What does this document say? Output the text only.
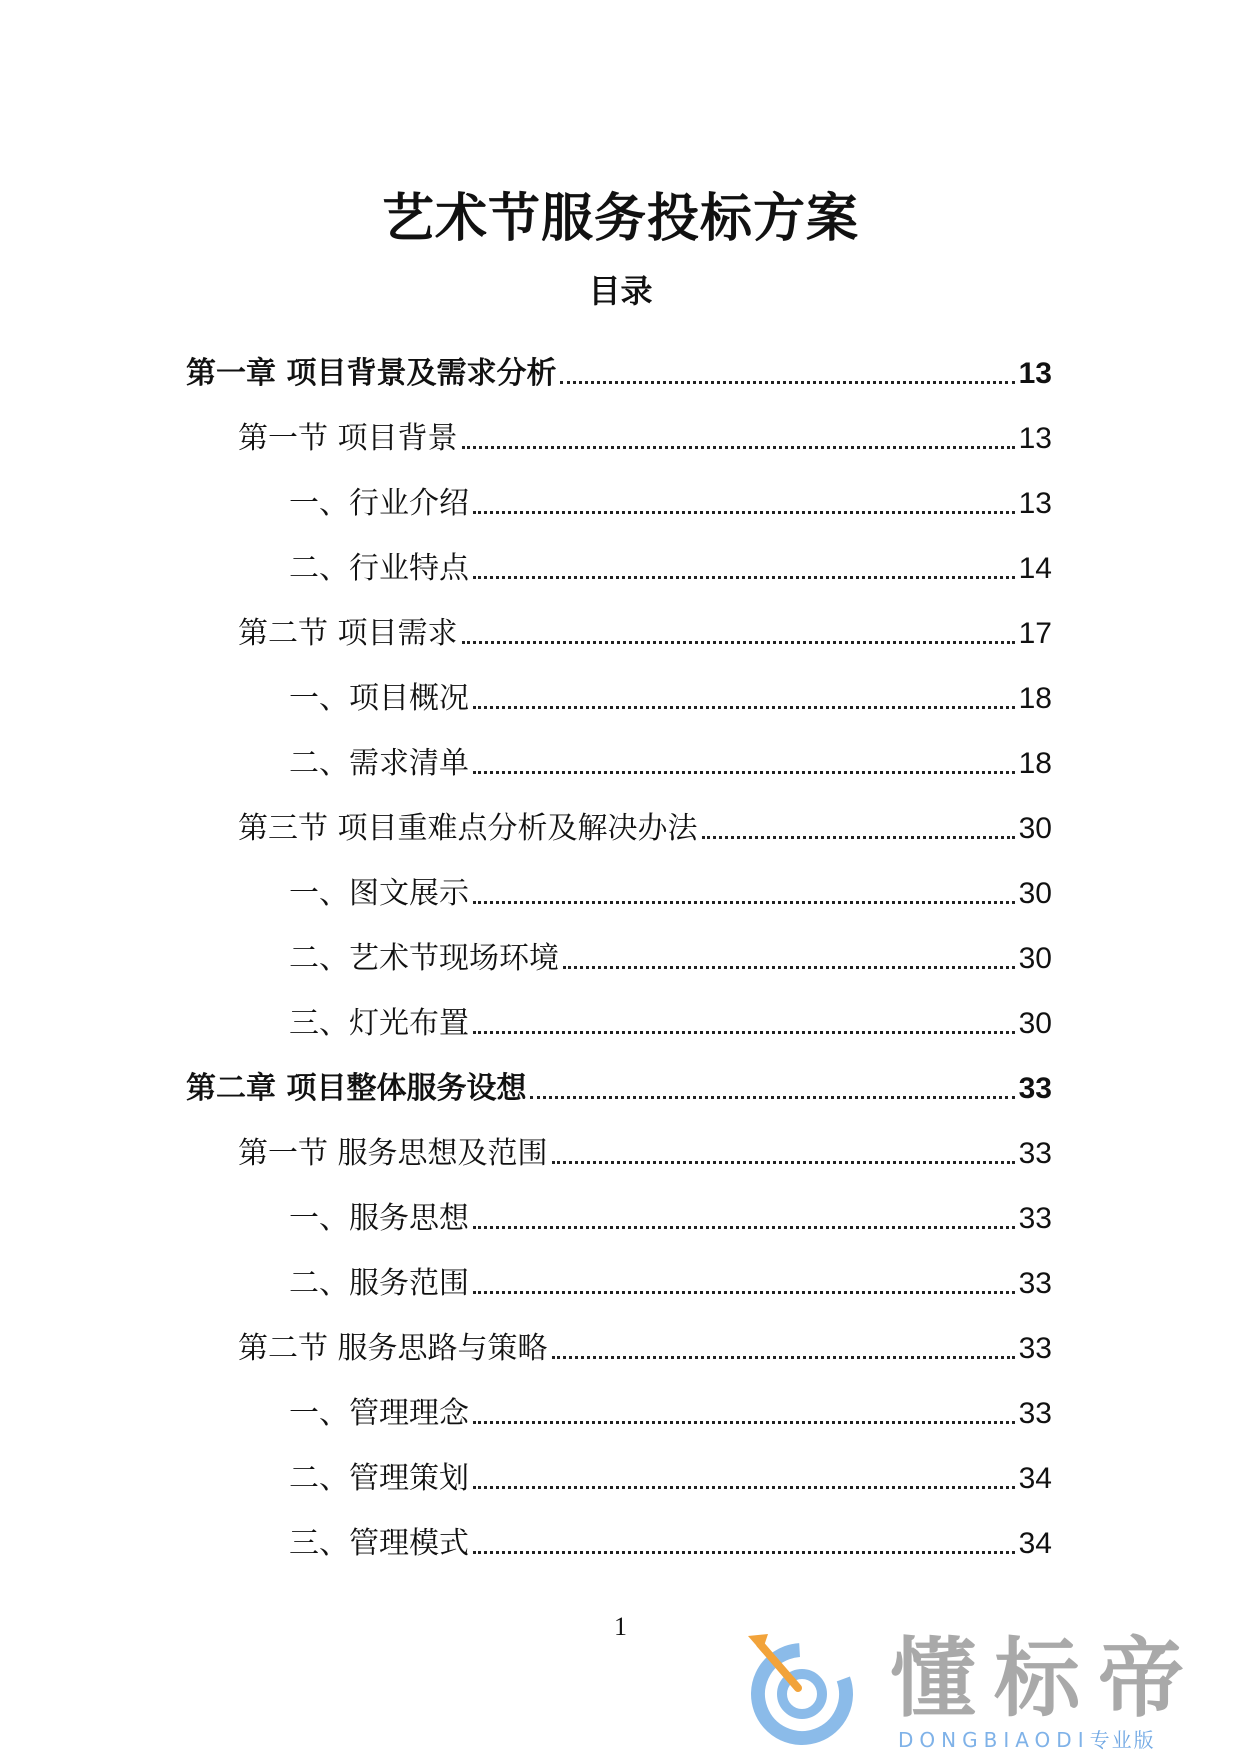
艺术节服务投标方案
目录
第一章 项目背景及需求分析	13
第一节 项目背景	13
一、行业介绍	13
二、行业特点	14
第二节 项目需求	17
一、项目概况	18
二、需求清单	18
第三节 项目重难点分析及解决办法	30
一、图文展示	30
二、艺术节现场环境	30
三、灯光布置	30
第二章 项目整体服务设想	33
第一节 服务思想及范围	33
一、服务思想	33
二、服务范围	33
第二节 服务思路与策略	33
一、管理理念	33
二、管理策划	34
三、管理模式	34
1
懂标帝
DONGBIAODI专业版
